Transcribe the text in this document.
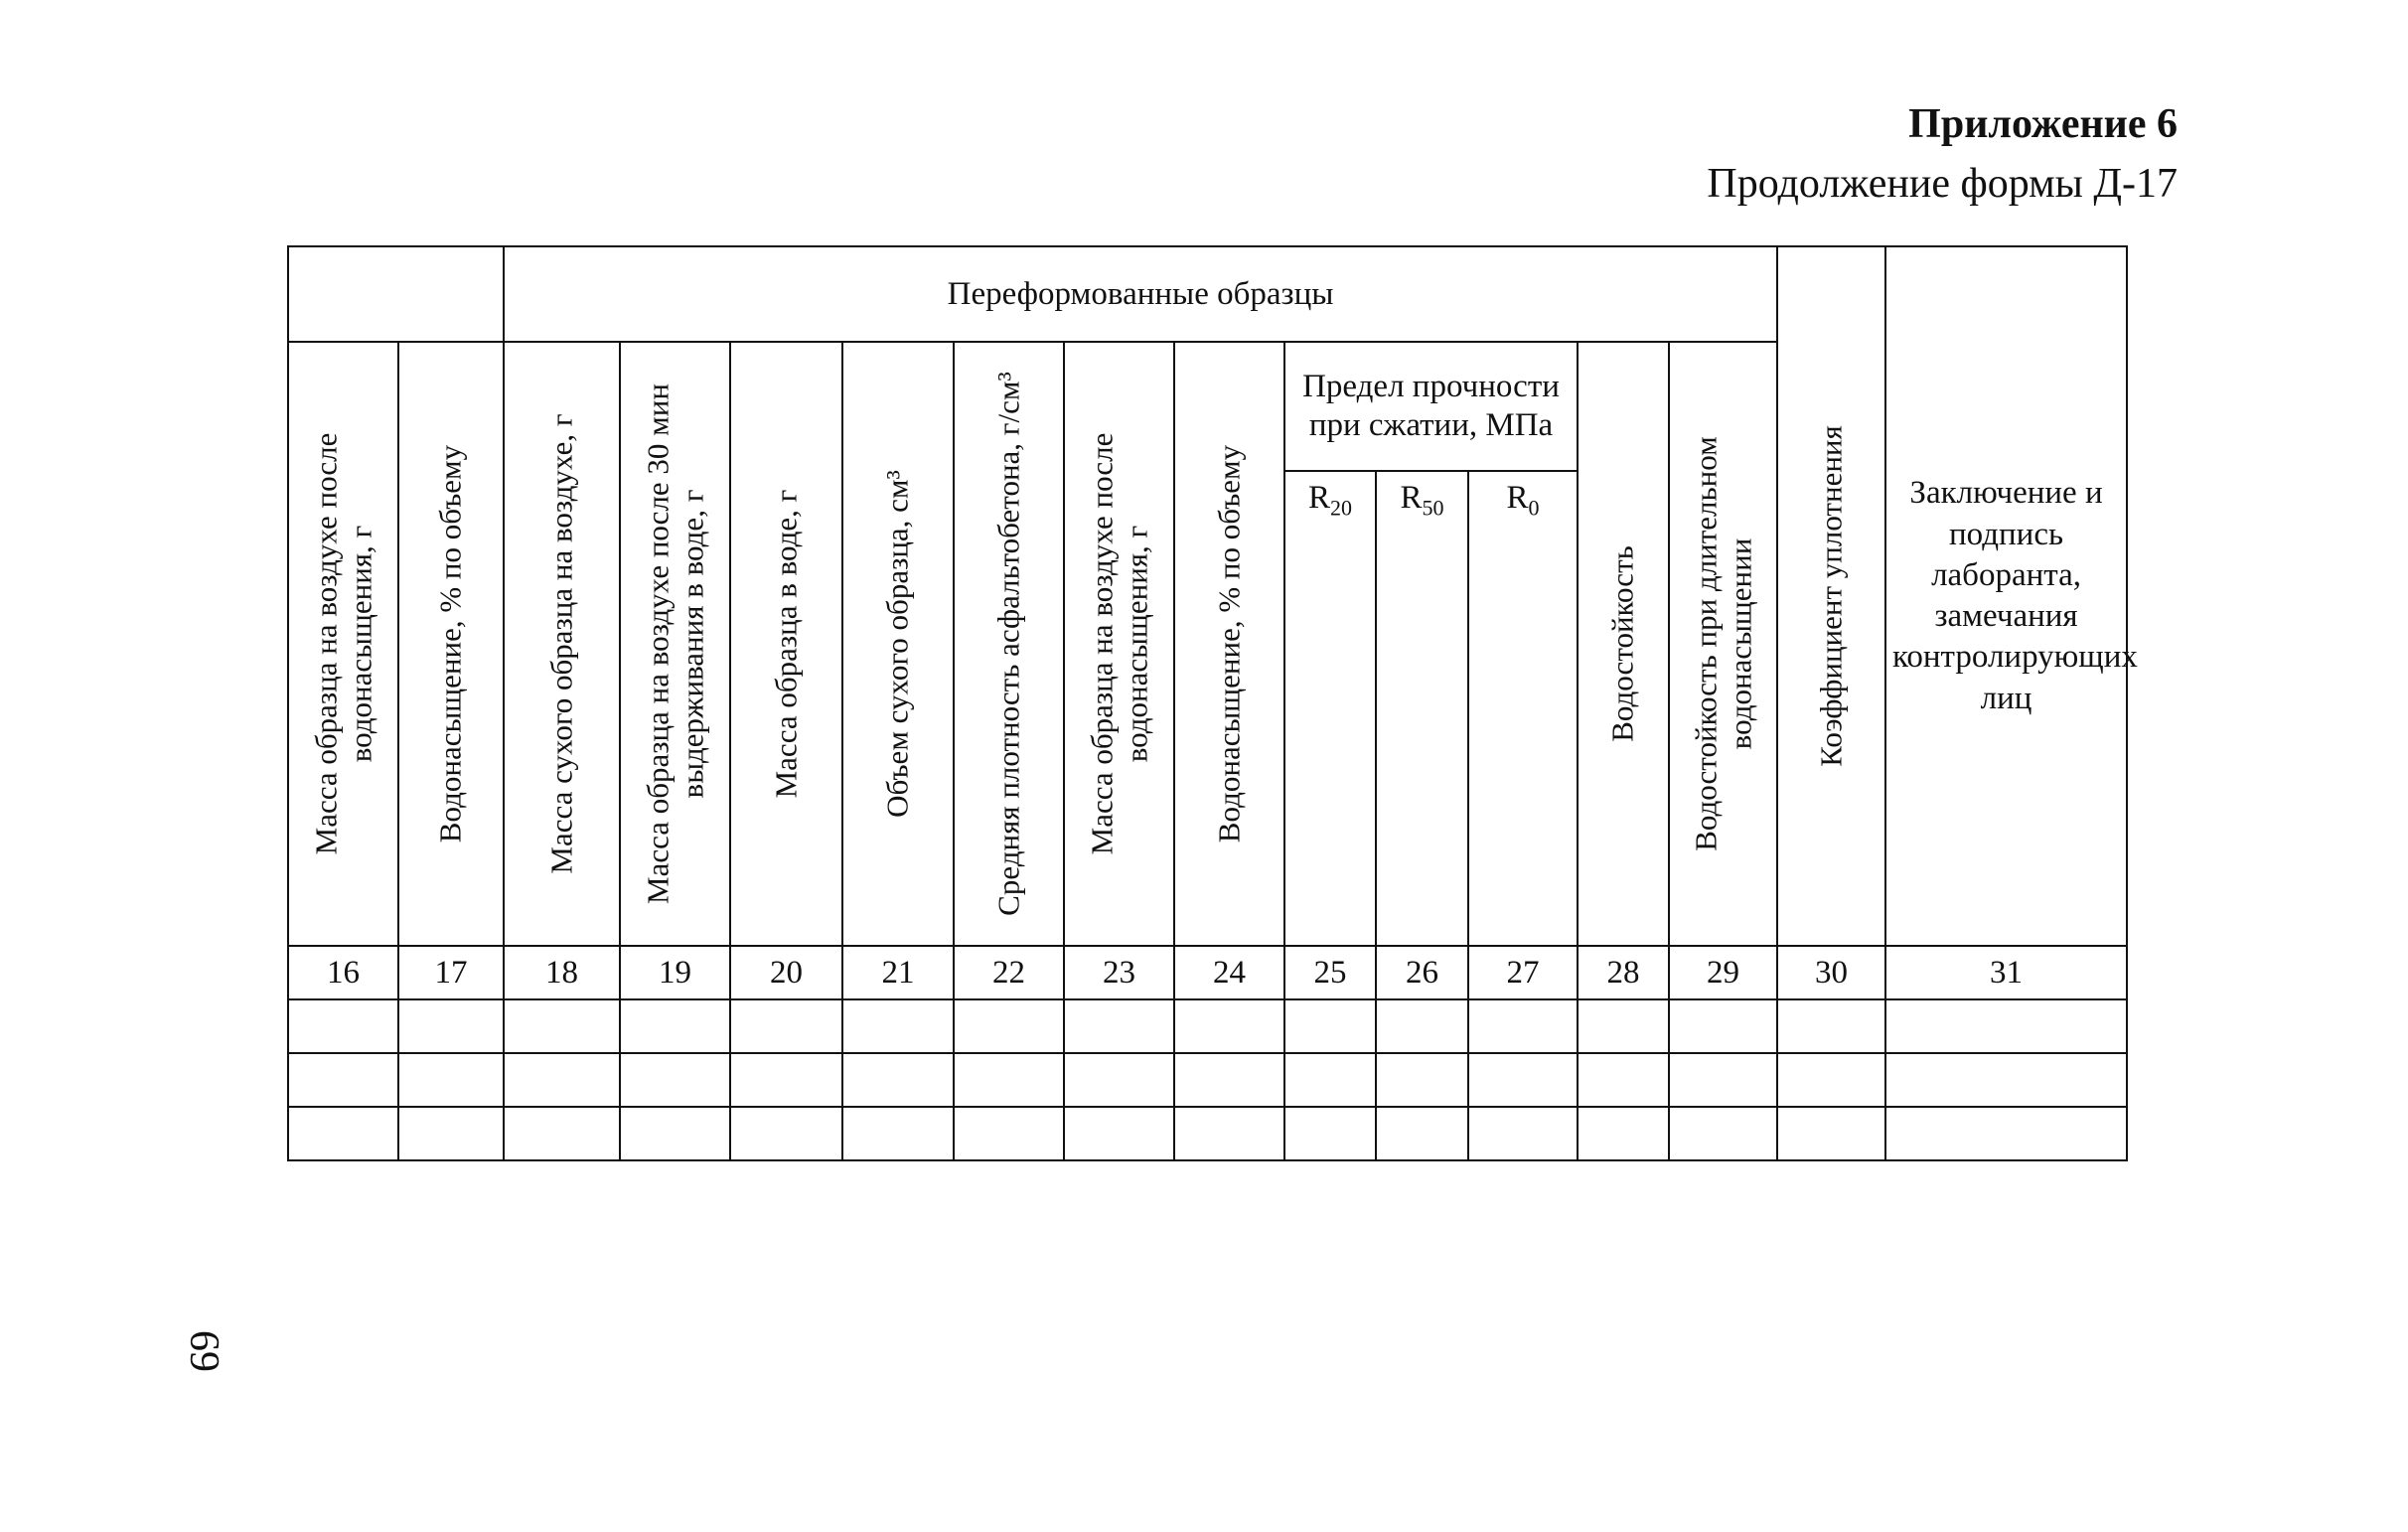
Приложение 6
Продолжение формы Д-17
		Переформованные образцы												Коэффициент уплотнения	Заключение и подпись лаборанта, замечания контролирующих лиц

Масса образца на воздухе после водонасыщения, г	Водонасыщение, % по объему	Масса сухого образца на воздухе, г	Масса образца на воздухе после 30 мин выдерживания в воде, г	Масса образца в воде, г	Объем сухого образца, см³	Средняя плотность асфальтобетона, г/см³	Масса образца на воздухе после водонасыщения, г	Водонасыщение, % по объему	Предел прочности при сжатии, МПа			Водостойкость	Водостойкость при длительном водонасыщении		

									$R_{20}$	$R_{50}$	$R_0$
16	17	18	19	20	21	22	23	24	25	26	27	28	29	30	31

69
